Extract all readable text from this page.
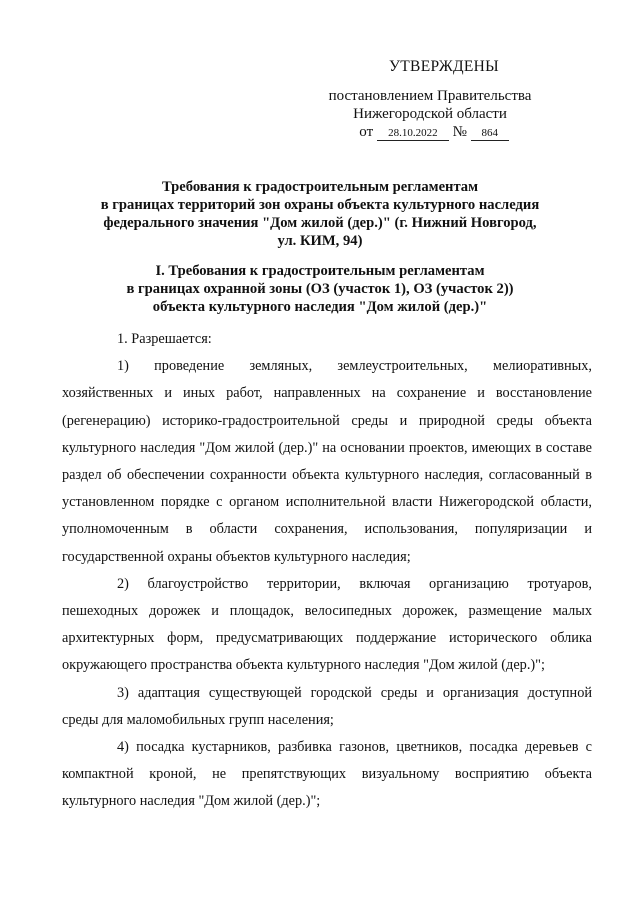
УТВЕРЖДЕНЫ
постановлением Правительства
Нижегородской области
от 28.10.2022 № 864
Требования к градостроительным регламентам
в границах территорий зон охраны объекта культурного наследия
федерального значения "Дом жилой (дер.)" (г. Нижний Новгород,
ул. КИМ, 94)
I. Требования к градостроительным регламентам
в границах охранной зоны (ОЗ (участок 1), ОЗ (участок 2))
объекта культурного наследия "Дом жилой (дер.)"

1. Разрешается:

1) проведение земляных, землеустроительных, мелиоративных, хозяйственных и иных работ, направленных на сохранение и восстановление (регенерацию) историко-градостроительной среды и природной среды объекта культурного наследия "Дом жилой (дер.)" на основании проектов, имеющих в составе раздел об обеспечении сохранности объекта культурного наследия, согласованный в установленном порядке с органом исполнительной власти Нижегородской области, уполномоченным в области сохранения, использования, популяризации и государственной охраны объектов культурного наследия;

2) благоустройство территории, включая организацию тротуаров, пешеходных дорожек и площадок, велосипедных дорожек, размещение малых архитектурных форм, предусматривающих поддержание исторического облика окружающего пространства объекта культурного наследия "Дом жилой (дер.)";

3) адаптация существующей городской среды и организация доступной среды для маломобильных групп населения;

4) посадка кустарников, разбивка газонов, цветников, посадка деревьев с компактной кроной, не препятствующих визуальному восприятию объекта культурного наследия "Дом жилой (дер.)";
